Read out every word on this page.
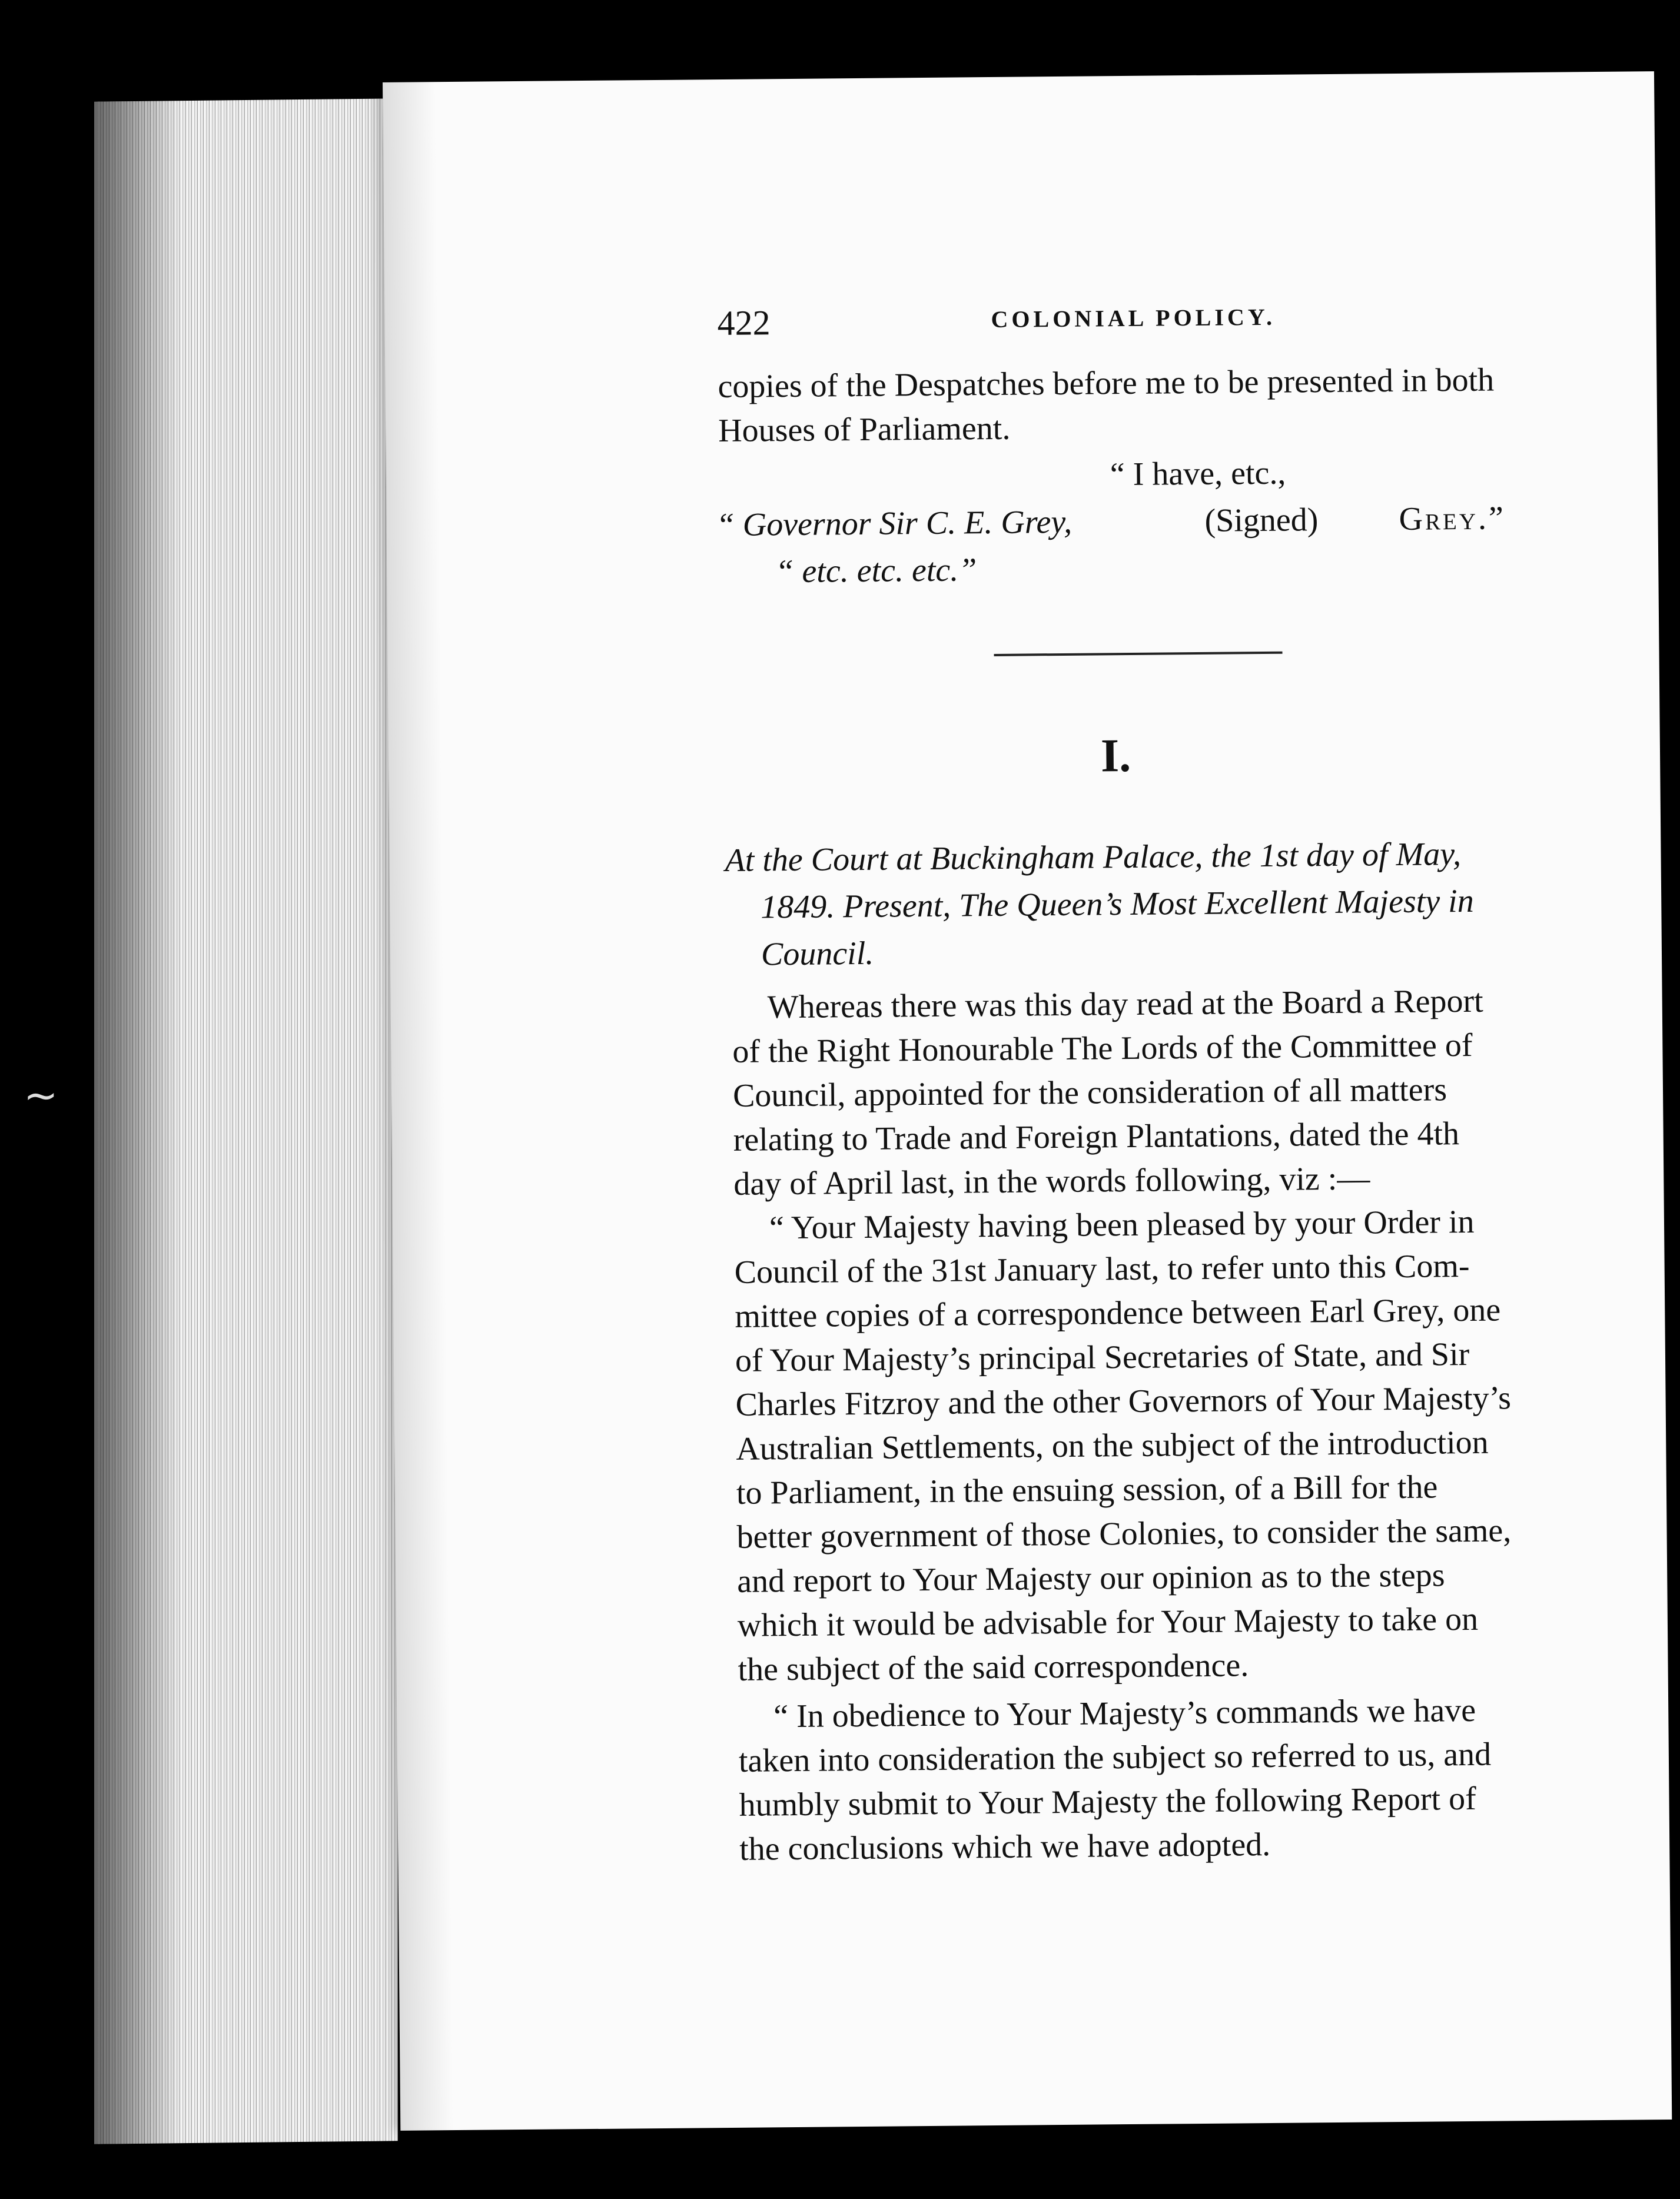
∼
422	COLONIAL POLICY.
copies of the Despatches before me to be presented in both
Houses of Parliament.
“ I have, etc.,
“ Governor Sir C. E. Grey,	(Signed) Grey.”
“ etc. etc. etc.”
I.
At the Court at Buckingham Palace, the 1st day of May,
1849. Present, The Queen’s Most Excellent Majesty in
Council.
Whereas there was this day read at the Board a Report
of the Right Honourable The Lords of the Committee of
Council, appointed for the consideration of all matters
relating to Trade and Foreign Plantations, dated the 4th
day of April last, in the words following, viz :—
“ Your Majesty having been pleased by your Order in
Council of the 31st January last, to refer unto this Com-
mittee copies of a correspondence between Earl Grey, one
of Your Majesty’s principal Secretaries of State, and Sir
Charles Fitzroy and the other Governors of Your Majesty’s
Australian Settlements, on the subject of the introduction
to Parliament, in the ensuing session, of a Bill for the
better government of those Colonies, to consider the same,
and report to Your Majesty our opinion as to the steps
which it would be advisable for Your Majesty to take on
the subject of the said correspondence.
“ In obedience to Your Majesty’s commands we have
taken into consideration the subject so referred to us, and
humbly submit to Your Majesty the following Report of
the conclusions which we have adopted.
